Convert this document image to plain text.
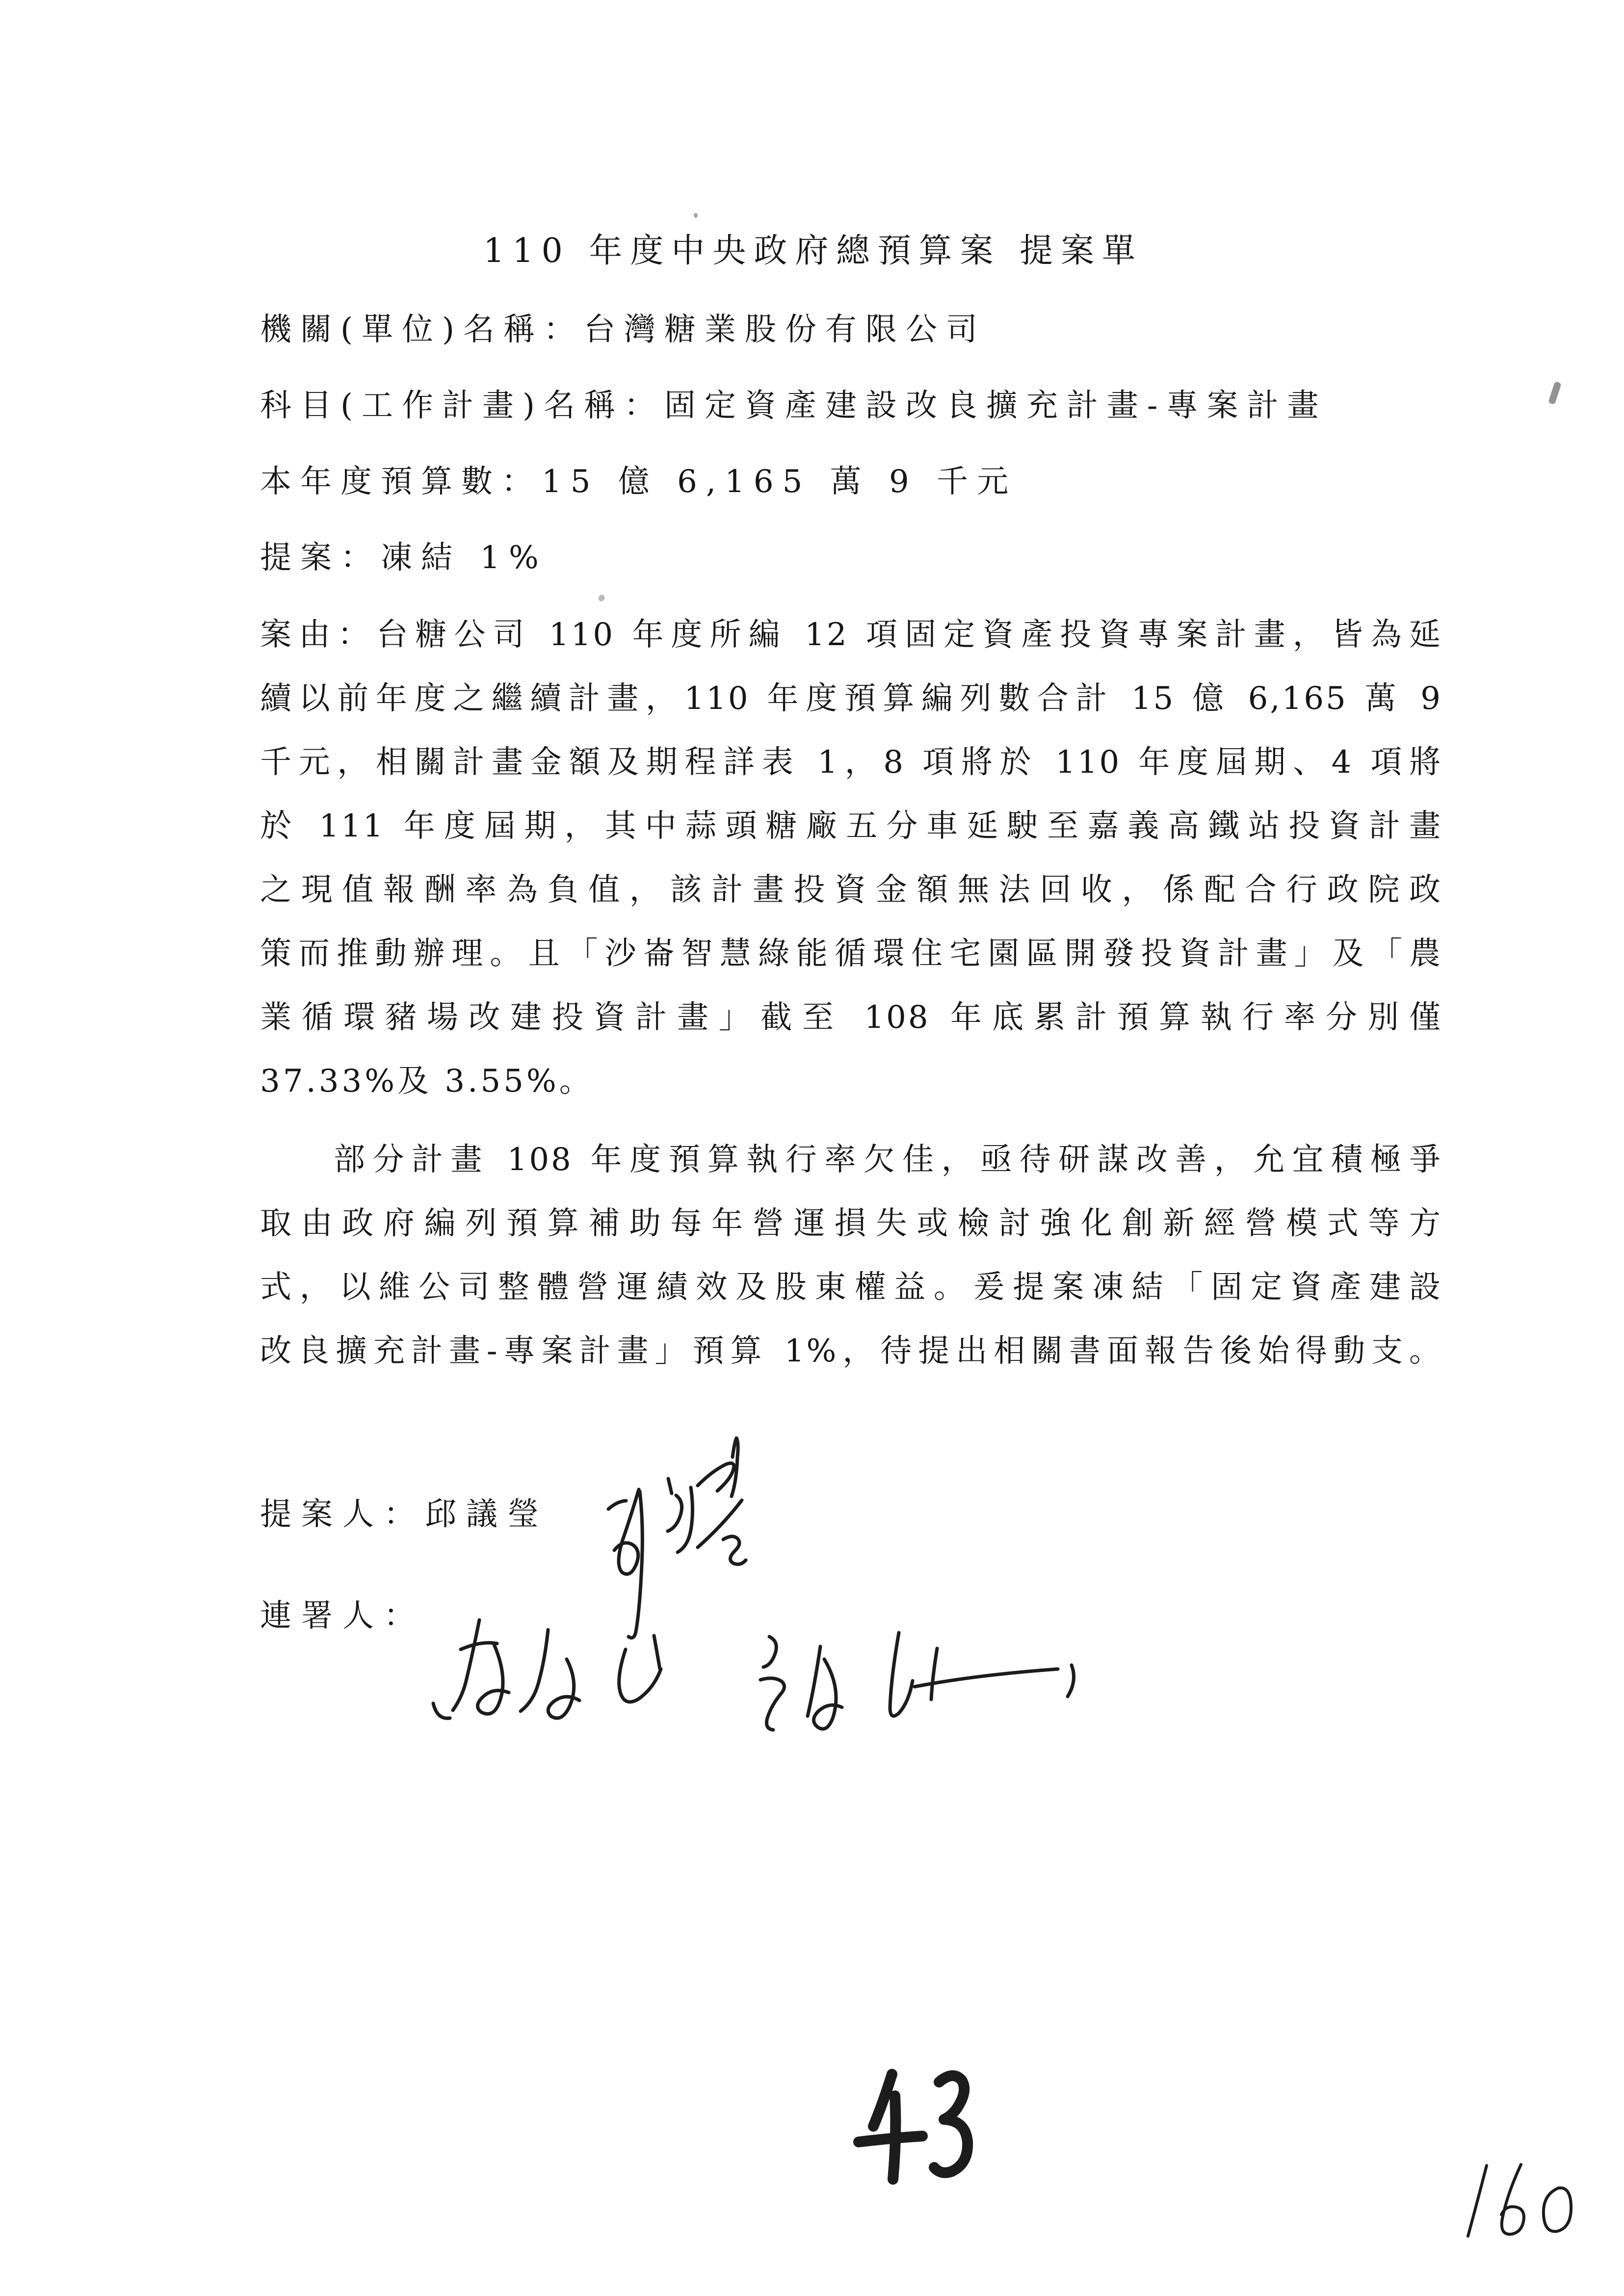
110 年度中央政府總預算案 提案單
機關(單位)名稱：台灣糖業股份有限公司
科目(工作計畫)名稱：固定資產建設改良擴充計畫-專案計畫
本年度預算數：15 億 6,165 萬 9 千元
提案：凍結 1%
案由：台糖公司 110 年度所編 12 項固定資產投資專案計畫，皆為延
續以前年度之繼續計畫，110 年度預算編列數合計 15 億 6,165 萬 9
千元，相關計畫金額及期程詳表 1，8 項將於 110 年度屆期、4 項將
於 111 年度屆期，其中蒜頭糖廠五分車延駛至嘉義高鐵站投資計畫
之現值報酬率為負值，該計畫投資金額無法回收，係配合行政院政
策而推動辦理。且「沙崙智慧綠能循環住宅園區開發投資計畫」及「農
業循環豬場改建投資計畫」截至 108 年底累計預算執行率分別僅
37.33%及 3.55%。
部分計畫 108 年度預算執行率欠佳，亟待研謀改善，允宜積極爭
取由政府編列預算補助每年營運損失或檢討強化創新經營模式等方
式，以維公司整體營運績效及股東權益。爰提案凍結「固定資產建設
改良擴充計畫-專案計畫」預算 1%，待提出相關書面報告後始得動支。
提案人：邱議瑩
連署人：
